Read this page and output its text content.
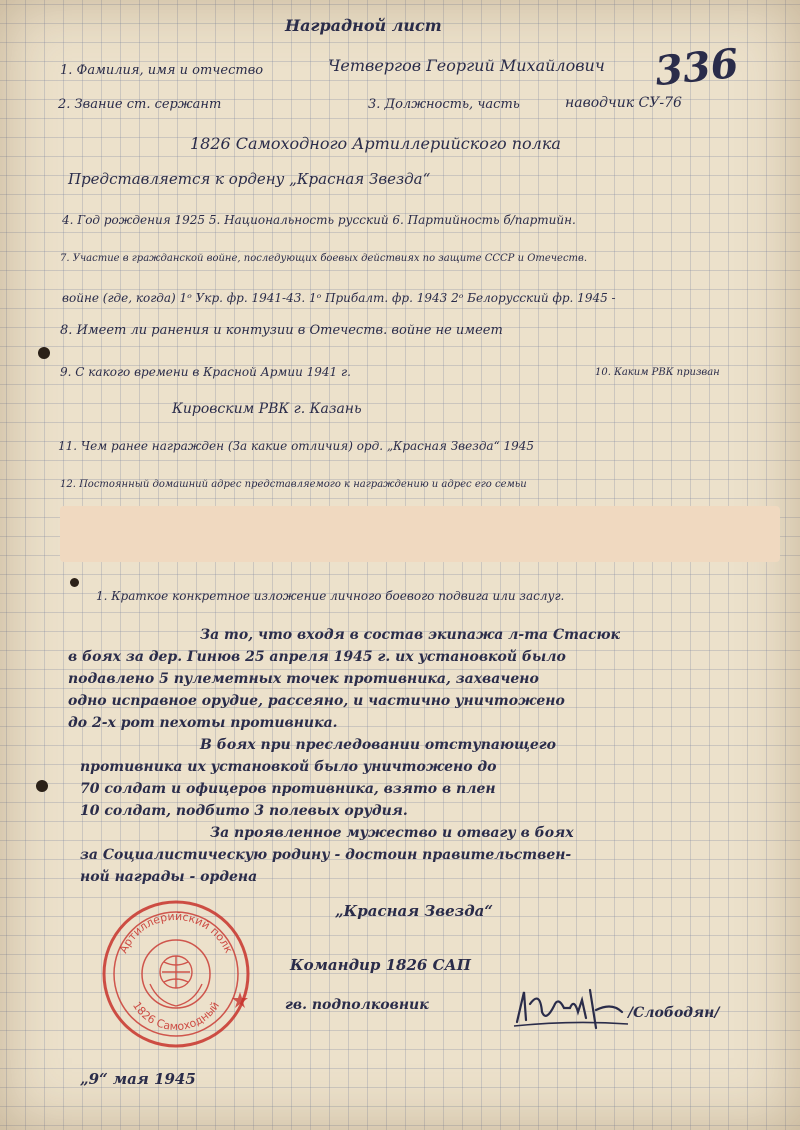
Наградной лист
336
1. Фамилия, имя и отчество	Четвергов Георгий Михайлович
2. Звание ст. сержант	3. Должность, часть	наводчик СУ-76
1826 Самоходного Артиллерийского полка
Представляется к ордену „Красная Звезда“
4. Год рождения 1925 5. Национальность русский 6. Партийность б/партийн.
7. Участие в гражданской войне, последующих боевых действиях по защите СССР и Отечеств.
войне (где, когда) 1ᵒ Укр. фр. 1941-43. 1ᵒ Прибалт. фр. 1943 2ᵒ Белорусский фр. 1945 -
8. Имеет ли ранения и контузии в Отечеств. войне не имеет
9. С какого времени в Красной Армии 1941 г.	10. Каким РВК призван
Кировским РВК г. Казань
11. Чем ранее награжден (За какие отличия) орд. „Красная Звезда“ 1945
12. Постоянный домашний адрес представляемого к награждению и адрес его семьи
1. Краткое конкретное изложение личного боевого подвига или заслуг.
За то, что входя в состав экипажа л-та Стасюк
в боях за дер. Гинюв 25 апреля 1945 г. их установкой было
подавлено 5 пулеметных точек противника, захвачено
одно исправное орудие, рассеяно, и частично уничтожено
до 2-х рот пехоты противника.
В боях при преследовании отступающего
противника их установкой было уничтожено до
70 солдат и офицеров противника, взято в плен
10 солдат, подбито 3 полевых орудия.
За проявленное мужество и отвагу в боях
за Социалистическую родину - достоин правительствен-
ной награды - ордена
„Красная Звезда“
Командир 1826 САП
гв. подполковник	/Слободян/
„9“ мая 1945
Артиллерийский полк
1826 Самоходный
